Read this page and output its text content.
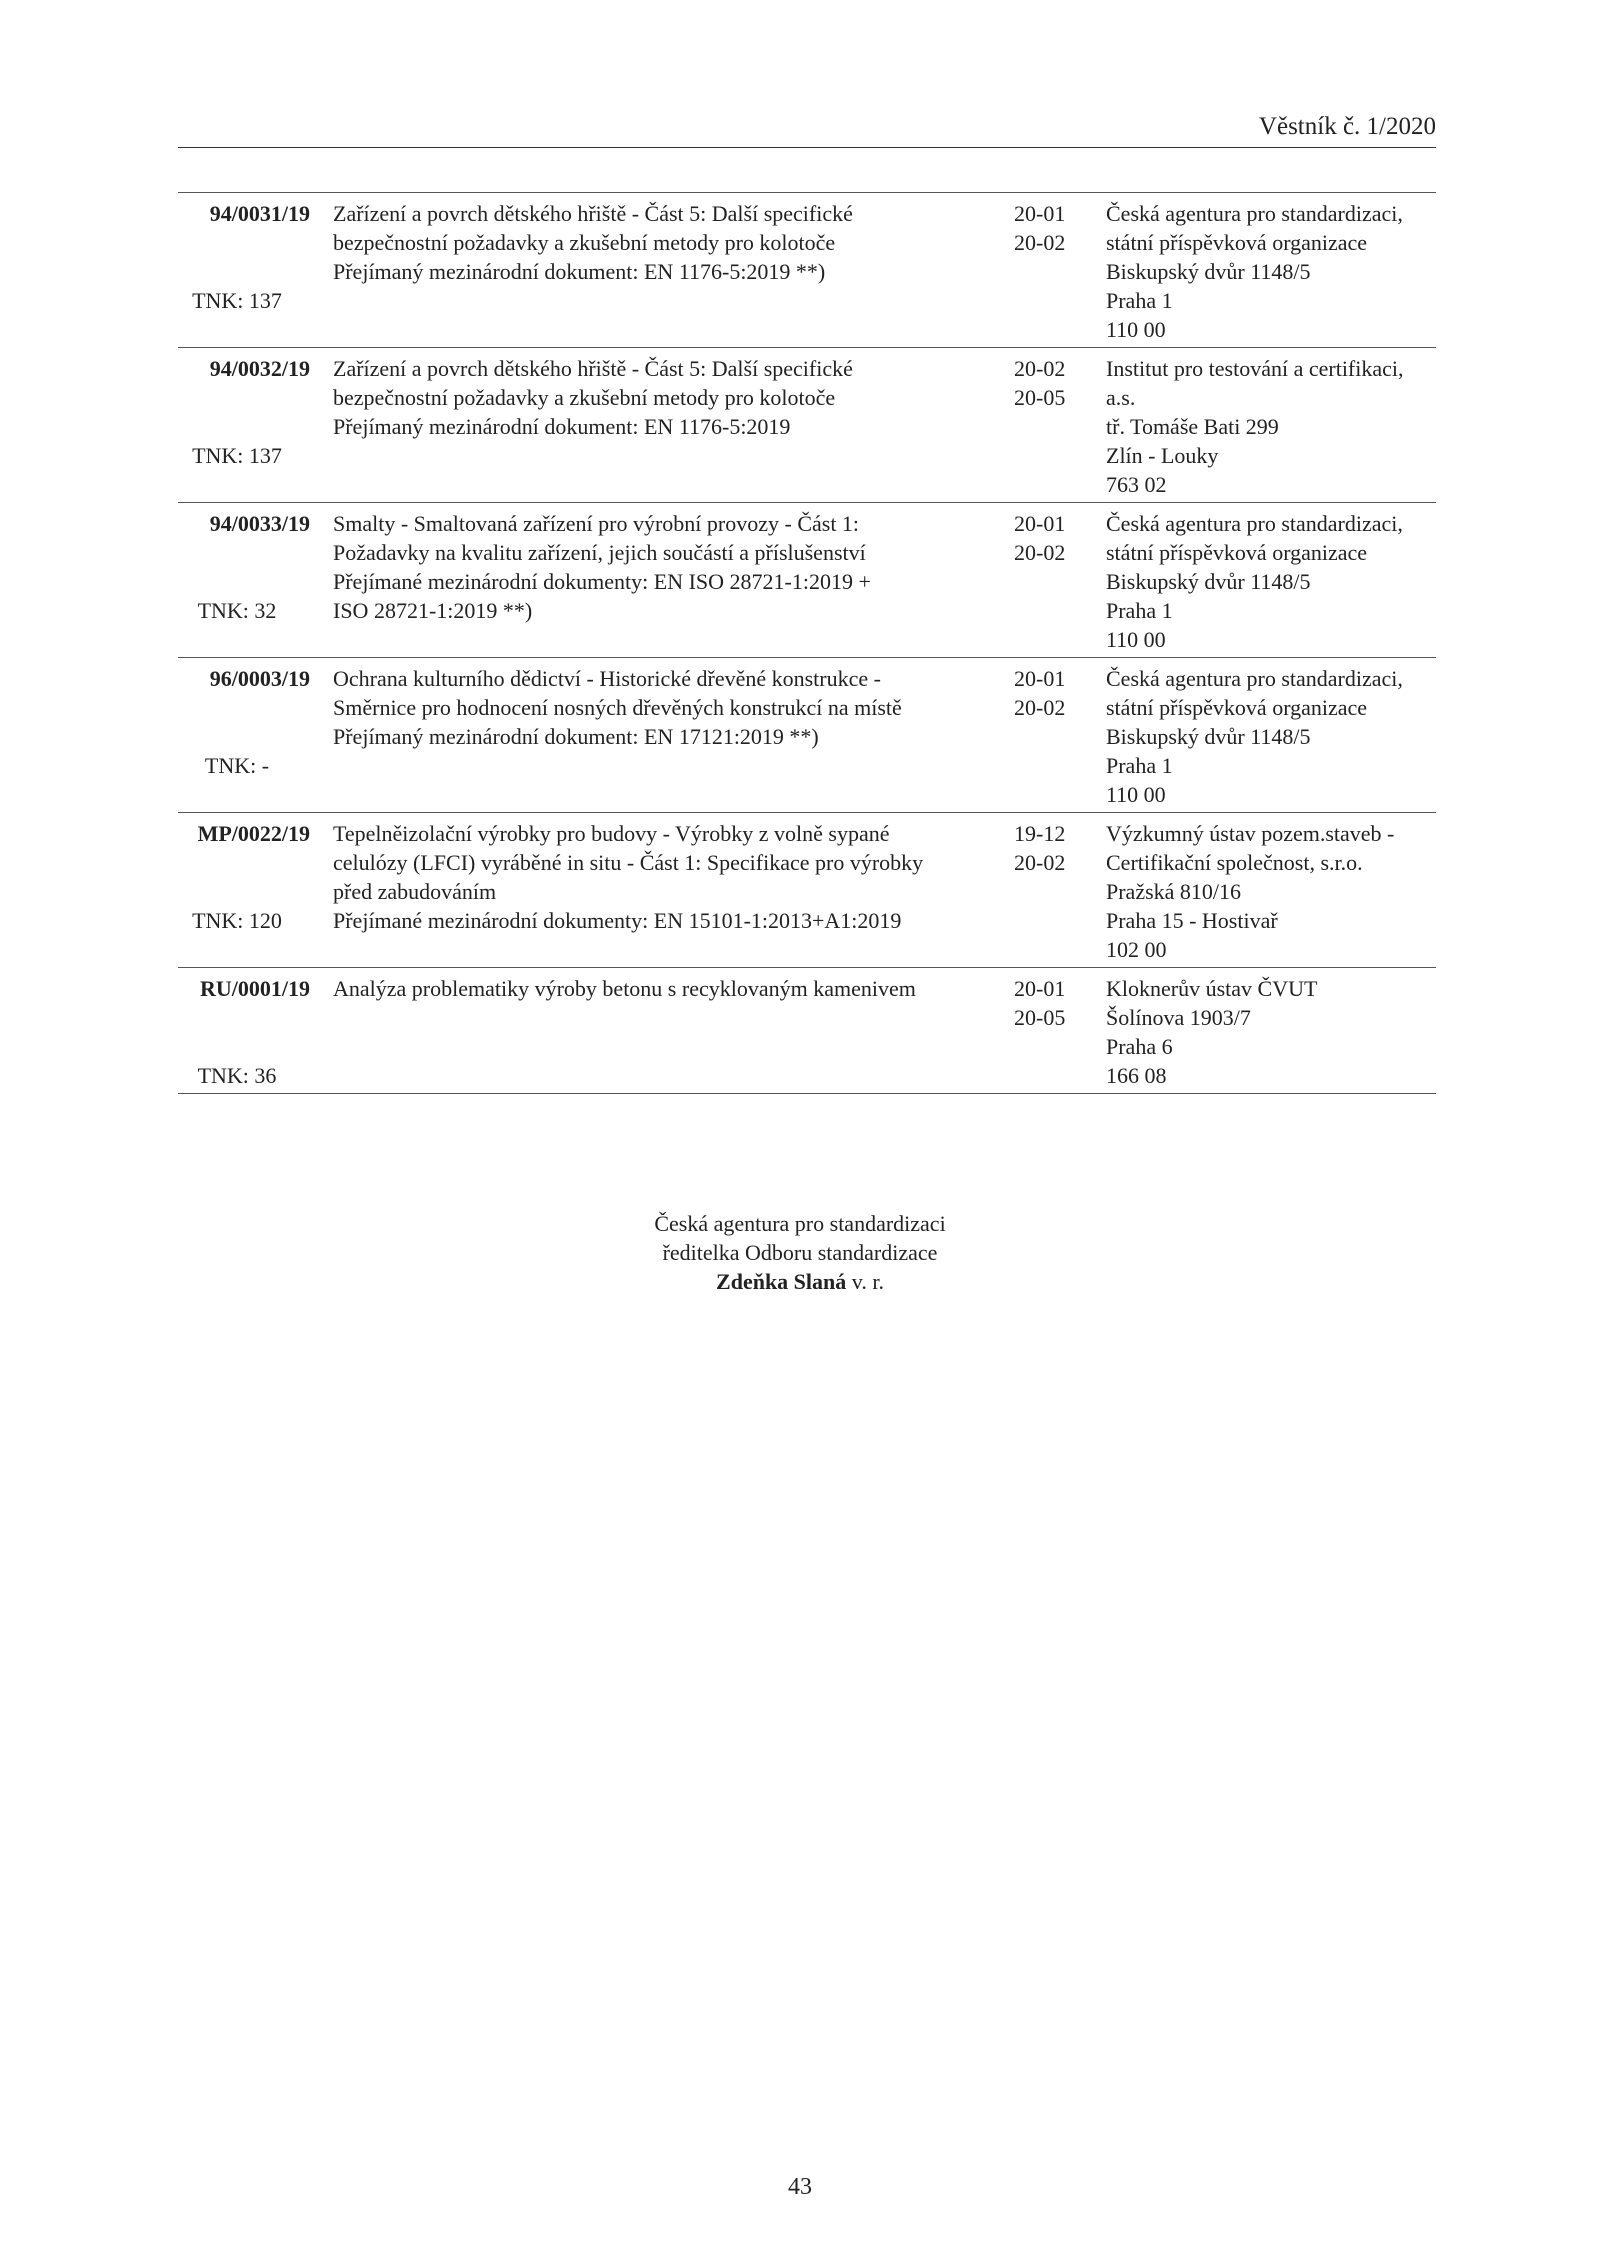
Věstník č. 1/2020
94/0031/19
TNK: 137
Zařízení a povrch dětského hřiště - Část 5: Další specifické
bezpečnostní požadavky a zkušební metody pro kolotoče
Přejímaný mezinárodní dokument: EN 1176-5:2019 **)
20-01
20-02
Česká agentura pro standardizaci,
státní příspěvková organizace
Biskupský dvůr 1148/5
Praha 1
110 00
94/0032/19
TNK: 137
Zařízení a povrch dětského hřiště - Část 5: Další specifické
bezpečnostní požadavky a zkušební metody pro kolotoče
Přejímaný mezinárodní dokument: EN 1176-5:2019
20-02
20-05
Institut pro testování a certifikaci,
a.s.
tř. Tomáše Bati 299
Zlín - Louky
763 02
94/0033/19
TNK: 32
Smalty - Smaltovaná zařízení pro výrobní provozy - Část 1:
Požadavky na kvalitu zařízení, jejich součástí a příslušenství
Přejímané mezinárodní dokumenty: EN ISO 28721-1:2019 +
ISO 28721-1:2019 **)
20-01
20-02
Česká agentura pro standardizaci,
státní příspěvková organizace
Biskupský dvůr 1148/5
Praha 1
110 00
96/0003/19
TNK: -
Ochrana kulturního dědictví - Historické dřevěné konstrukce -
Směrnice pro hodnocení nosných dřevěných konstrukcí na místě
Přejímaný mezinárodní dokument: EN 17121:2019 **)
20-01
20-02
Česká agentura pro standardizaci,
státní příspěvková organizace
Biskupský dvůr 1148/5
Praha 1
110 00
MP/0022/19
TNK: 120
Tepelněizolační výrobky pro budovy - Výrobky z volně sypané
celulózy (LFCI) vyráběné in situ - Část 1: Specifikace pro výrobky
před zabudováním
Přejímané mezinárodní dokumenty: EN 15101-1:2013+A1:2019
19-12
20-02
Výzkumný ústav pozem.staveb -
Certifikační společnost, s.r.o.
Pražská 810/16
Praha 15 - Hostivař
102 00
RU/0001/19
TNK: 36
Analýza problematiky výroby betonu s recyklovaným kamenivem	20-01
20-05
Kloknerův ústav ČVUT
Šolínova 1903/7
Praha 6
166 08
Česká agentura pro standardizaci
ředitelka Odboru standardizace
Zdeňka Slaná v. r.
43
